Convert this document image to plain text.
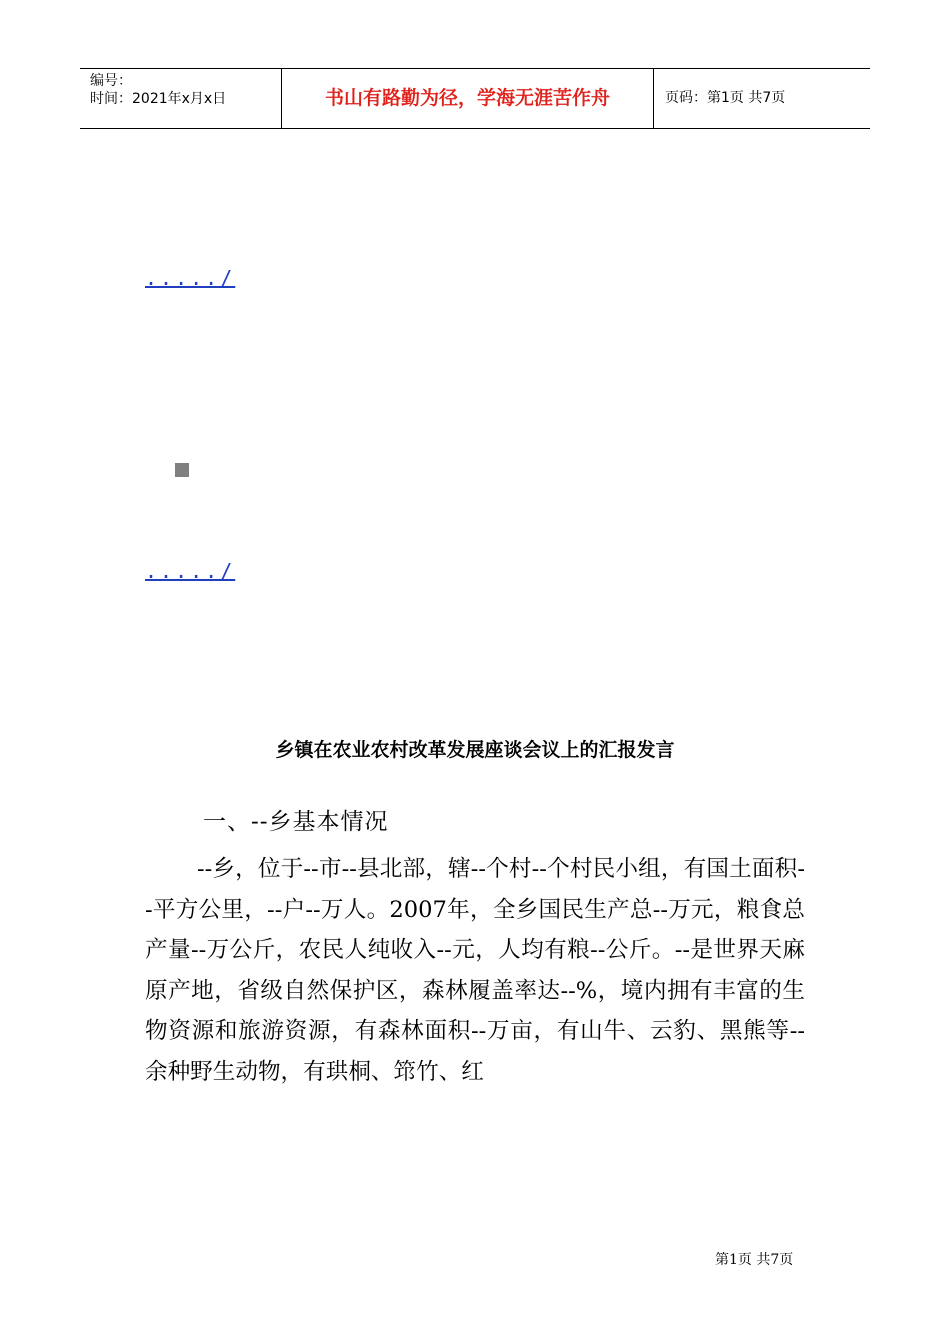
编号：
时间：2021年x月x日	书山有路勤为径，学海无涯苦作舟	页码：第1页 共7页
...../
...../
乡镇在农业农村改革发展座谈会议上的汇报发言
一、--乡基本情况

--乡，位于--市--县北部，辖--个村--个村民小组，有国土面积--平方公里，--户--万人。2007年，全乡国民生产总--万元，粮食总产量--万公斤，农民人纯收入--元，人均有粮--公斤。--是世界天麻原产地，省级自然保护区，森林履盖率达--%，境内拥有丰富的生物资源和旅游资源，有森林面积--万亩，有山牛、云豹、黑熊等--余种野生动物，有珙桐、筇竹、红

第1页 共7页
